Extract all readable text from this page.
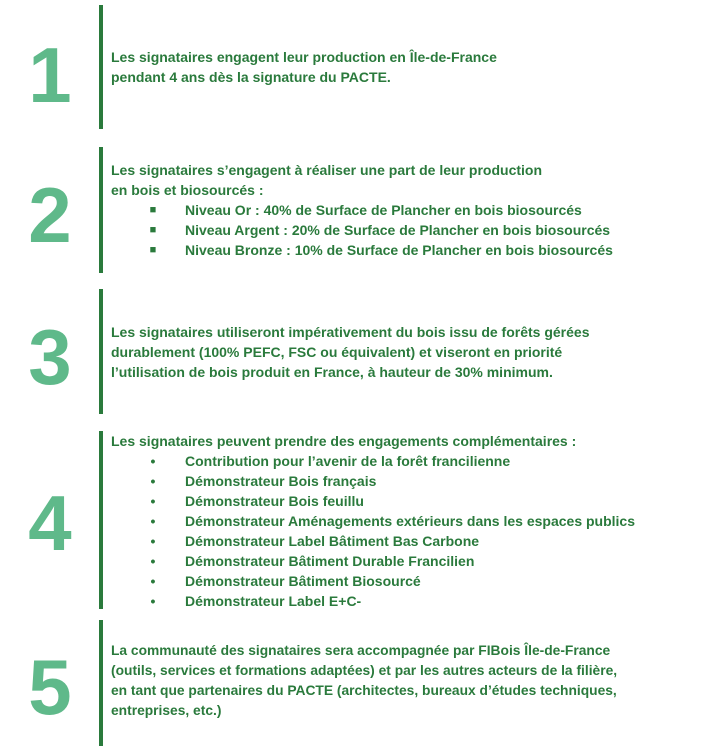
1	Les signataires engagent leur production en Île-de-France

pendant 4 ans dès la signature du PACTE.

2

Les signataires s’engagent à réaliser une part de leur production

en bois et biosourcés :

■	Niveau Or : 40% de Surface de Plancher en bois biosourcés
■	Niveau Argent : 20% de Surface de Plancher en bois biosourcés
■	Niveau Bronze : 10% de Surface de Plancher en bois biosourcés
3	Les signataires utiliseront impérativement du bois issu de forêts gérées

durablement (100% PEFC, FSC ou équivalent) et viseront en priorité

l’utilisation de bois produit en France, à hauteur de 30% minimum.

4

Les signataires peuvent prendre des engagements complémentaires :

•	Contribution pour l’avenir de la forêt francilienne
•	Démonstrateur Bois français
•	Démonstrateur Bois feuillu
•	Démonstrateur Aménagements extérieurs dans les espaces publics
•	Démonstrateur Label Bâtiment Bas Carbone
•	Démonstrateur Bâtiment Durable Francilien
•	Démonstrateur Bâtiment Biosourcé
•	Démonstrateur Label E+C-
5	La communauté des signataires sera accompagnée par FIBois Île-de-France

(outils, services et formations adaptées) et par les autres acteurs de la filière,

en tant que partenaires du PACTE (architectes, bureaux d’études techniques,

entreprises, etc.)
